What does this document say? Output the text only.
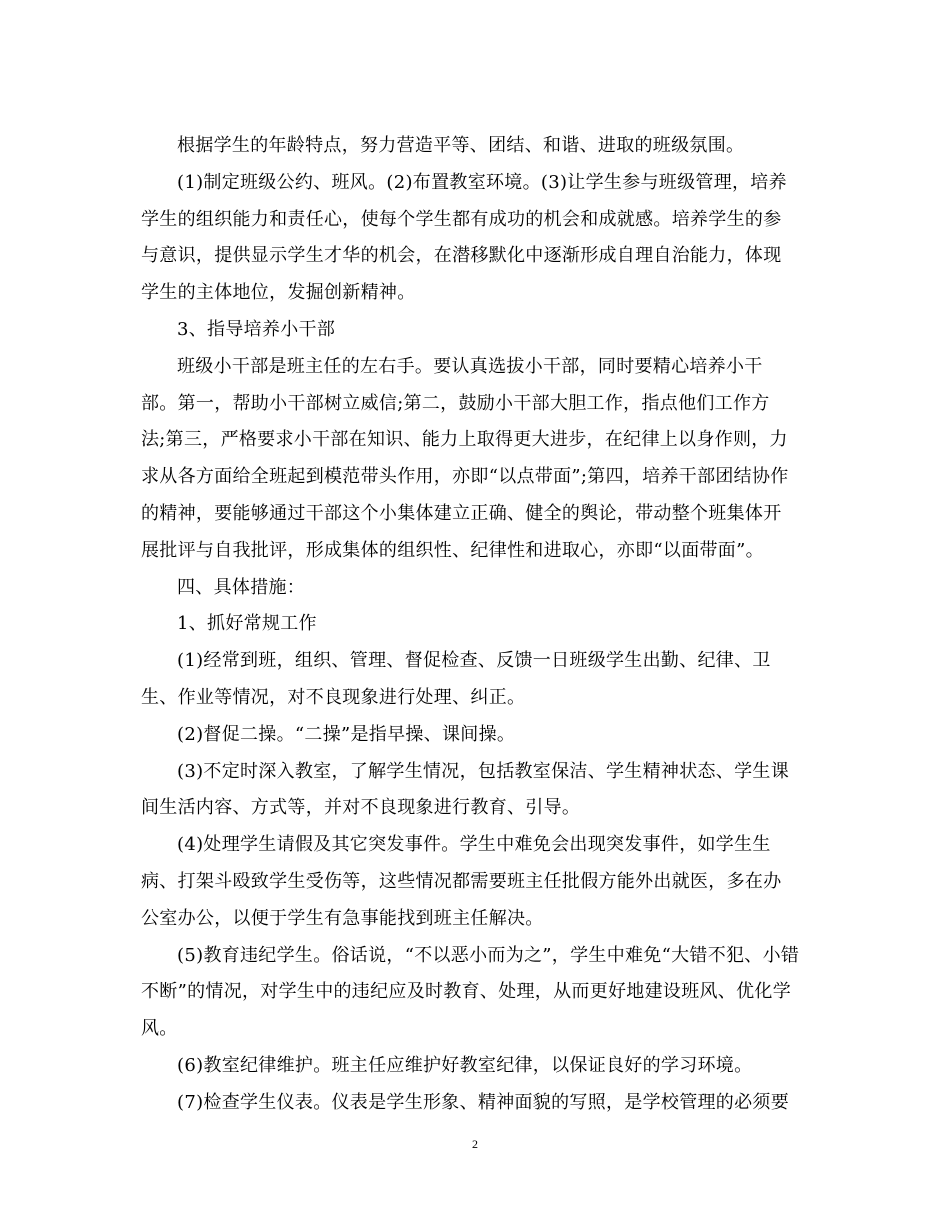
根据学生的年龄特点，努力营造平等、团结、和谐、进取的班级氛围。
(1)制定班级公约、班风。(2)布置教室环境。(3)让学生参与班级管理，培养
学生的组织能力和责任心，使每个学生都有成功的机会和成就感。培养学生的参
与意识，提供显示学生才华的机会，在潜移默化中逐渐形成自理自治能力，体现
学生的主体地位，发掘创新精神。
3、指导培养小干部
班级小干部是班主任的左右手。要认真选拔小干部，同时要精心培养小干
部。第一，帮助小干部树立威信;第二，鼓励小干部大胆工作，指点他们工作方
法;第三，严格要求小干部在知识、能力上取得更大进步，在纪律上以身作则，力
求从各方面给全班起到模范带头作用，亦即“以点带面”;第四，培养干部团结协作
的精神，要能够通过干部这个小集体建立正确、健全的舆论，带动整个班集体开
展批评与自我批评，形成集体的组织性、纪律性和进取心，亦即“以面带面”。
四、具体措施：
1、抓好常规工作
(1)经常到班，组织、管理、督促检查、反馈一日班级学生出勤、纪律、卫
生、作业等情况，对不良现象进行处理、纠正。
(2)督促二操。“二操”是指早操、课间操。
(3)不定时深入教室，了解学生情况，包括教室保洁、学生精神状态、学生课
间生活内容、方式等，并对不良现象进行教育、引导。
(4)处理学生请假及其它突发事件。学生中难免会出现突发事件，如学生生
病、打架斗殴致学生受伤等，这些情况都需要班主任批假方能外出就医，多在办
公室办公，以便于学生有急事能找到班主任解决。
(5)教育违纪学生。俗话说，“不以恶小而为之”，学生中难免“大错不犯、小错
不断”的情况，对学生中的违纪应及时教育、处理，从而更好地建设班风、优化学
风。
(6)教室纪律维护。班主任应维护好教室纪律，以保证良好的学习环境。
(7)检查学生仪表。仪表是学生形象、精神面貌的写照，是学校管理的必须要
2
